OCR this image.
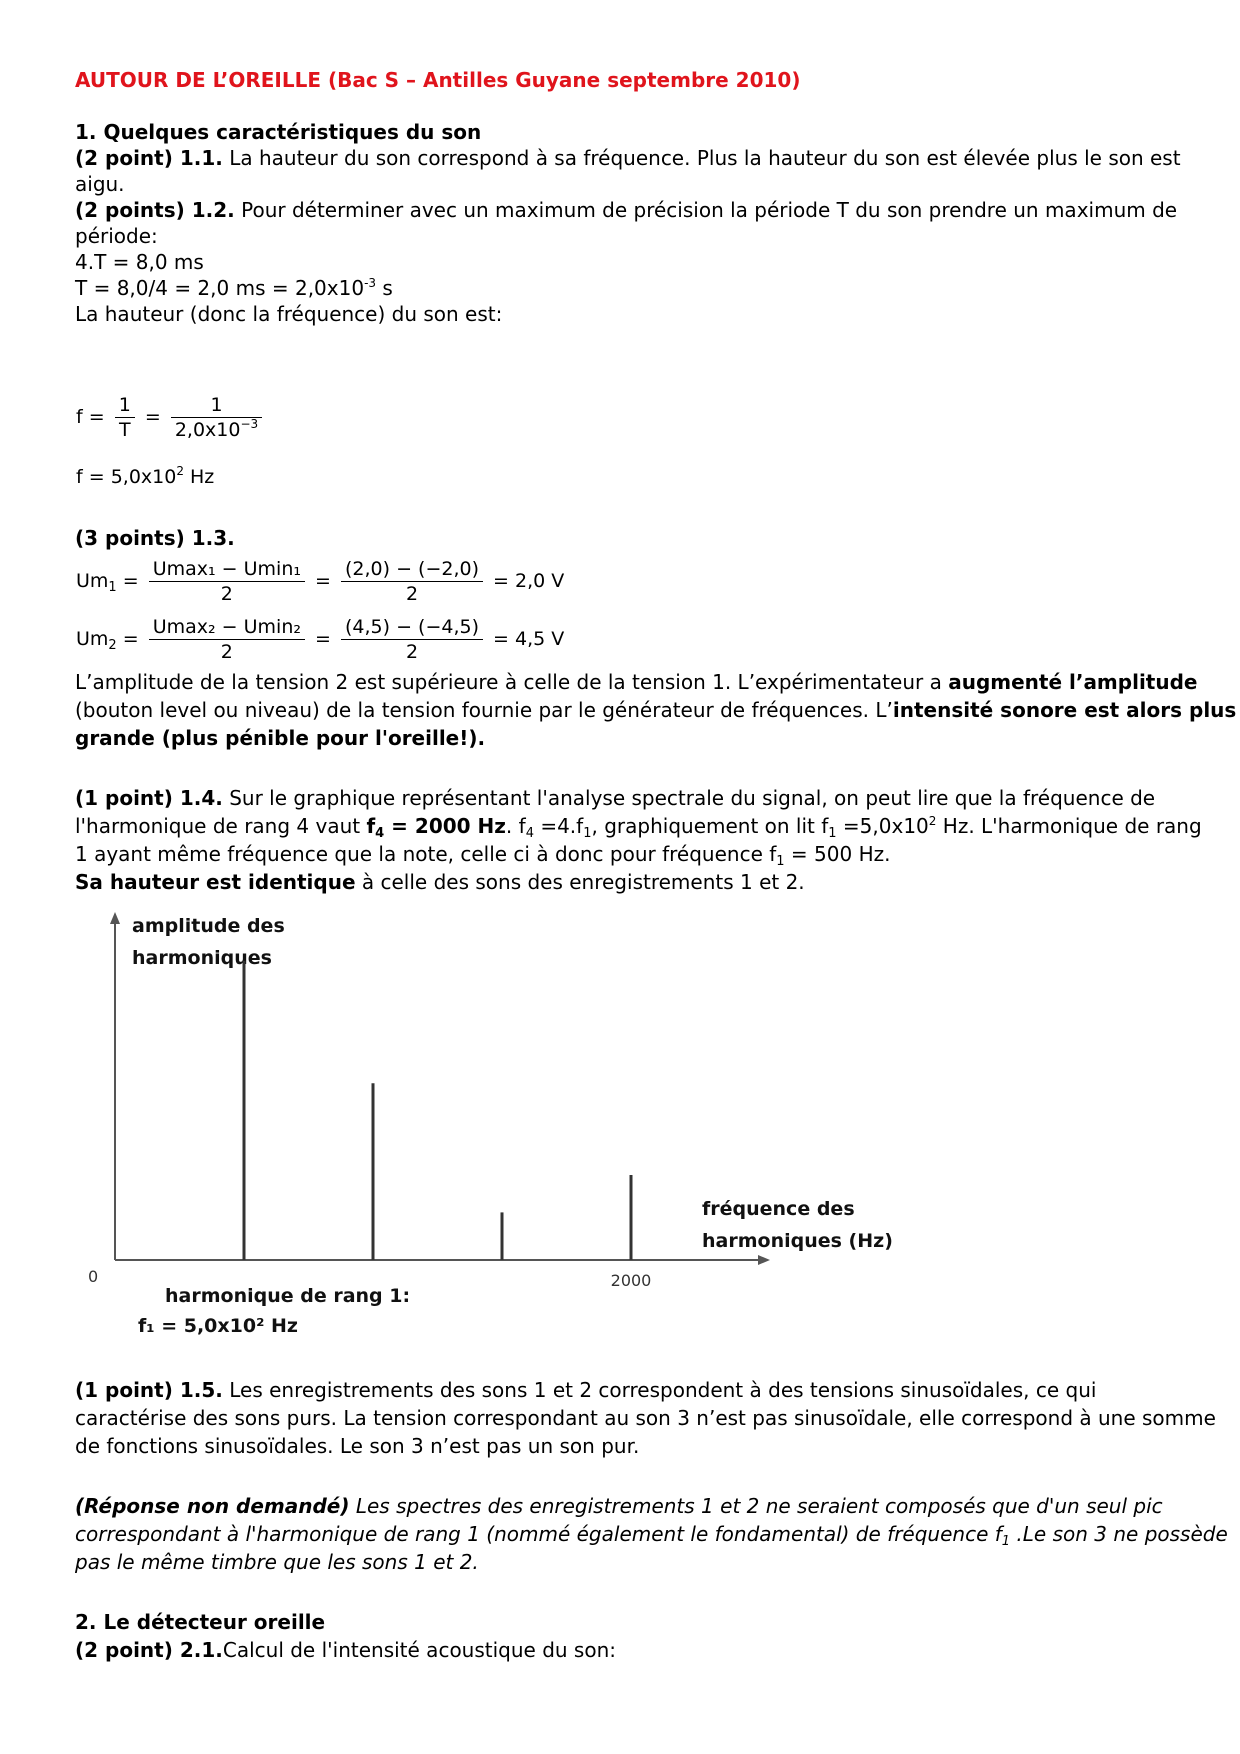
AUTOUR DE L’OREILLE (Bac S – Antilles Guyane septembre 2010)
1. Quelques caractéristiques du son
(2 point) 1.1. La hauteur du son correspond à sa fréquence. Plus la hauteur du son est élevée plus le son est
aigu.
(2 points) 1.2. Pour déterminer avec un maximum de précision la période T du son prendre un maximum de
période:
4.T = 8,0 ms
T = 8,0/4 = 2,0 ms = $2,0x10^{-3}$ s
La hauteur (donc la fréquence) du son est:
$f = \frac{1}{T} = \frac{1}{2,0x10^{-3}}$
$f = 5,0x10^2$ Hz
(3 points) 1.3.
$Um_1 = \frac{\text{Umax₁ − Umin₁}}{2} = \frac{(2,0) - (-2,0)}{2} = 2,0$ V
$Um_2 = \frac{\text{Umax₂ − Umin₂}}{2} = \frac{(4,5) - (-4,5)}{2} = 4,5$ V
L’amplitude de la tension 2 est supérieure à celle de la tension 1. L’expérimentateur a augmenté l’amplitude
(bouton level ou niveau) de la tension fournie par le générateur de fréquences. L’intensité sonore est alors plus
grande (plus pénible pour l'oreille!).
(1 point) 1.4. Sur le graphique représentant l'analyse spectrale du signal, on peut lire que la fréquence de
l'harmonique de rang 4 vaut $f_4 = 2000$ Hz. $f_4 =4.f_1$, graphiquement on lit $f_1 =5,0x10^2$ Hz. L'harmonique de rang
1 ayant même fréquence que la note, celle ci à donc pour fréquence $f_1 = 500$ Hz.
Sa hauteur est identique à celle des sons des enregistrements 1 et 2.
amplitude des
harmoniques
fréquence des
harmoniques (Hz)
0	2000
harmonique de rang 1:
f₁ = 5,0x10² Hz
(1 point) 1.5. Les enregistrements des sons 1 et 2 correspondent à des tensions sinusoïdales, ce qui
caractérise des sons purs. La tension correspondant au son 3 n’est pas sinusoïdale, elle correspond à une somme
de fonctions sinusoïdales. Le son 3 n’est pas un son pur.
(Réponse non demandé) Les spectres des enregistrements 1 et 2 ne seraient composés que d'un seul pic
correspondant à l'harmonique de rang 1 (nommé également le fondamental) de fréquence $f_1$ .Le son 3 ne possède
pas le même timbre que les sons 1 et 2.
2. Le détecteur oreille
(2 point) 2.1.Calcul de l'intensité acoustique du son:
